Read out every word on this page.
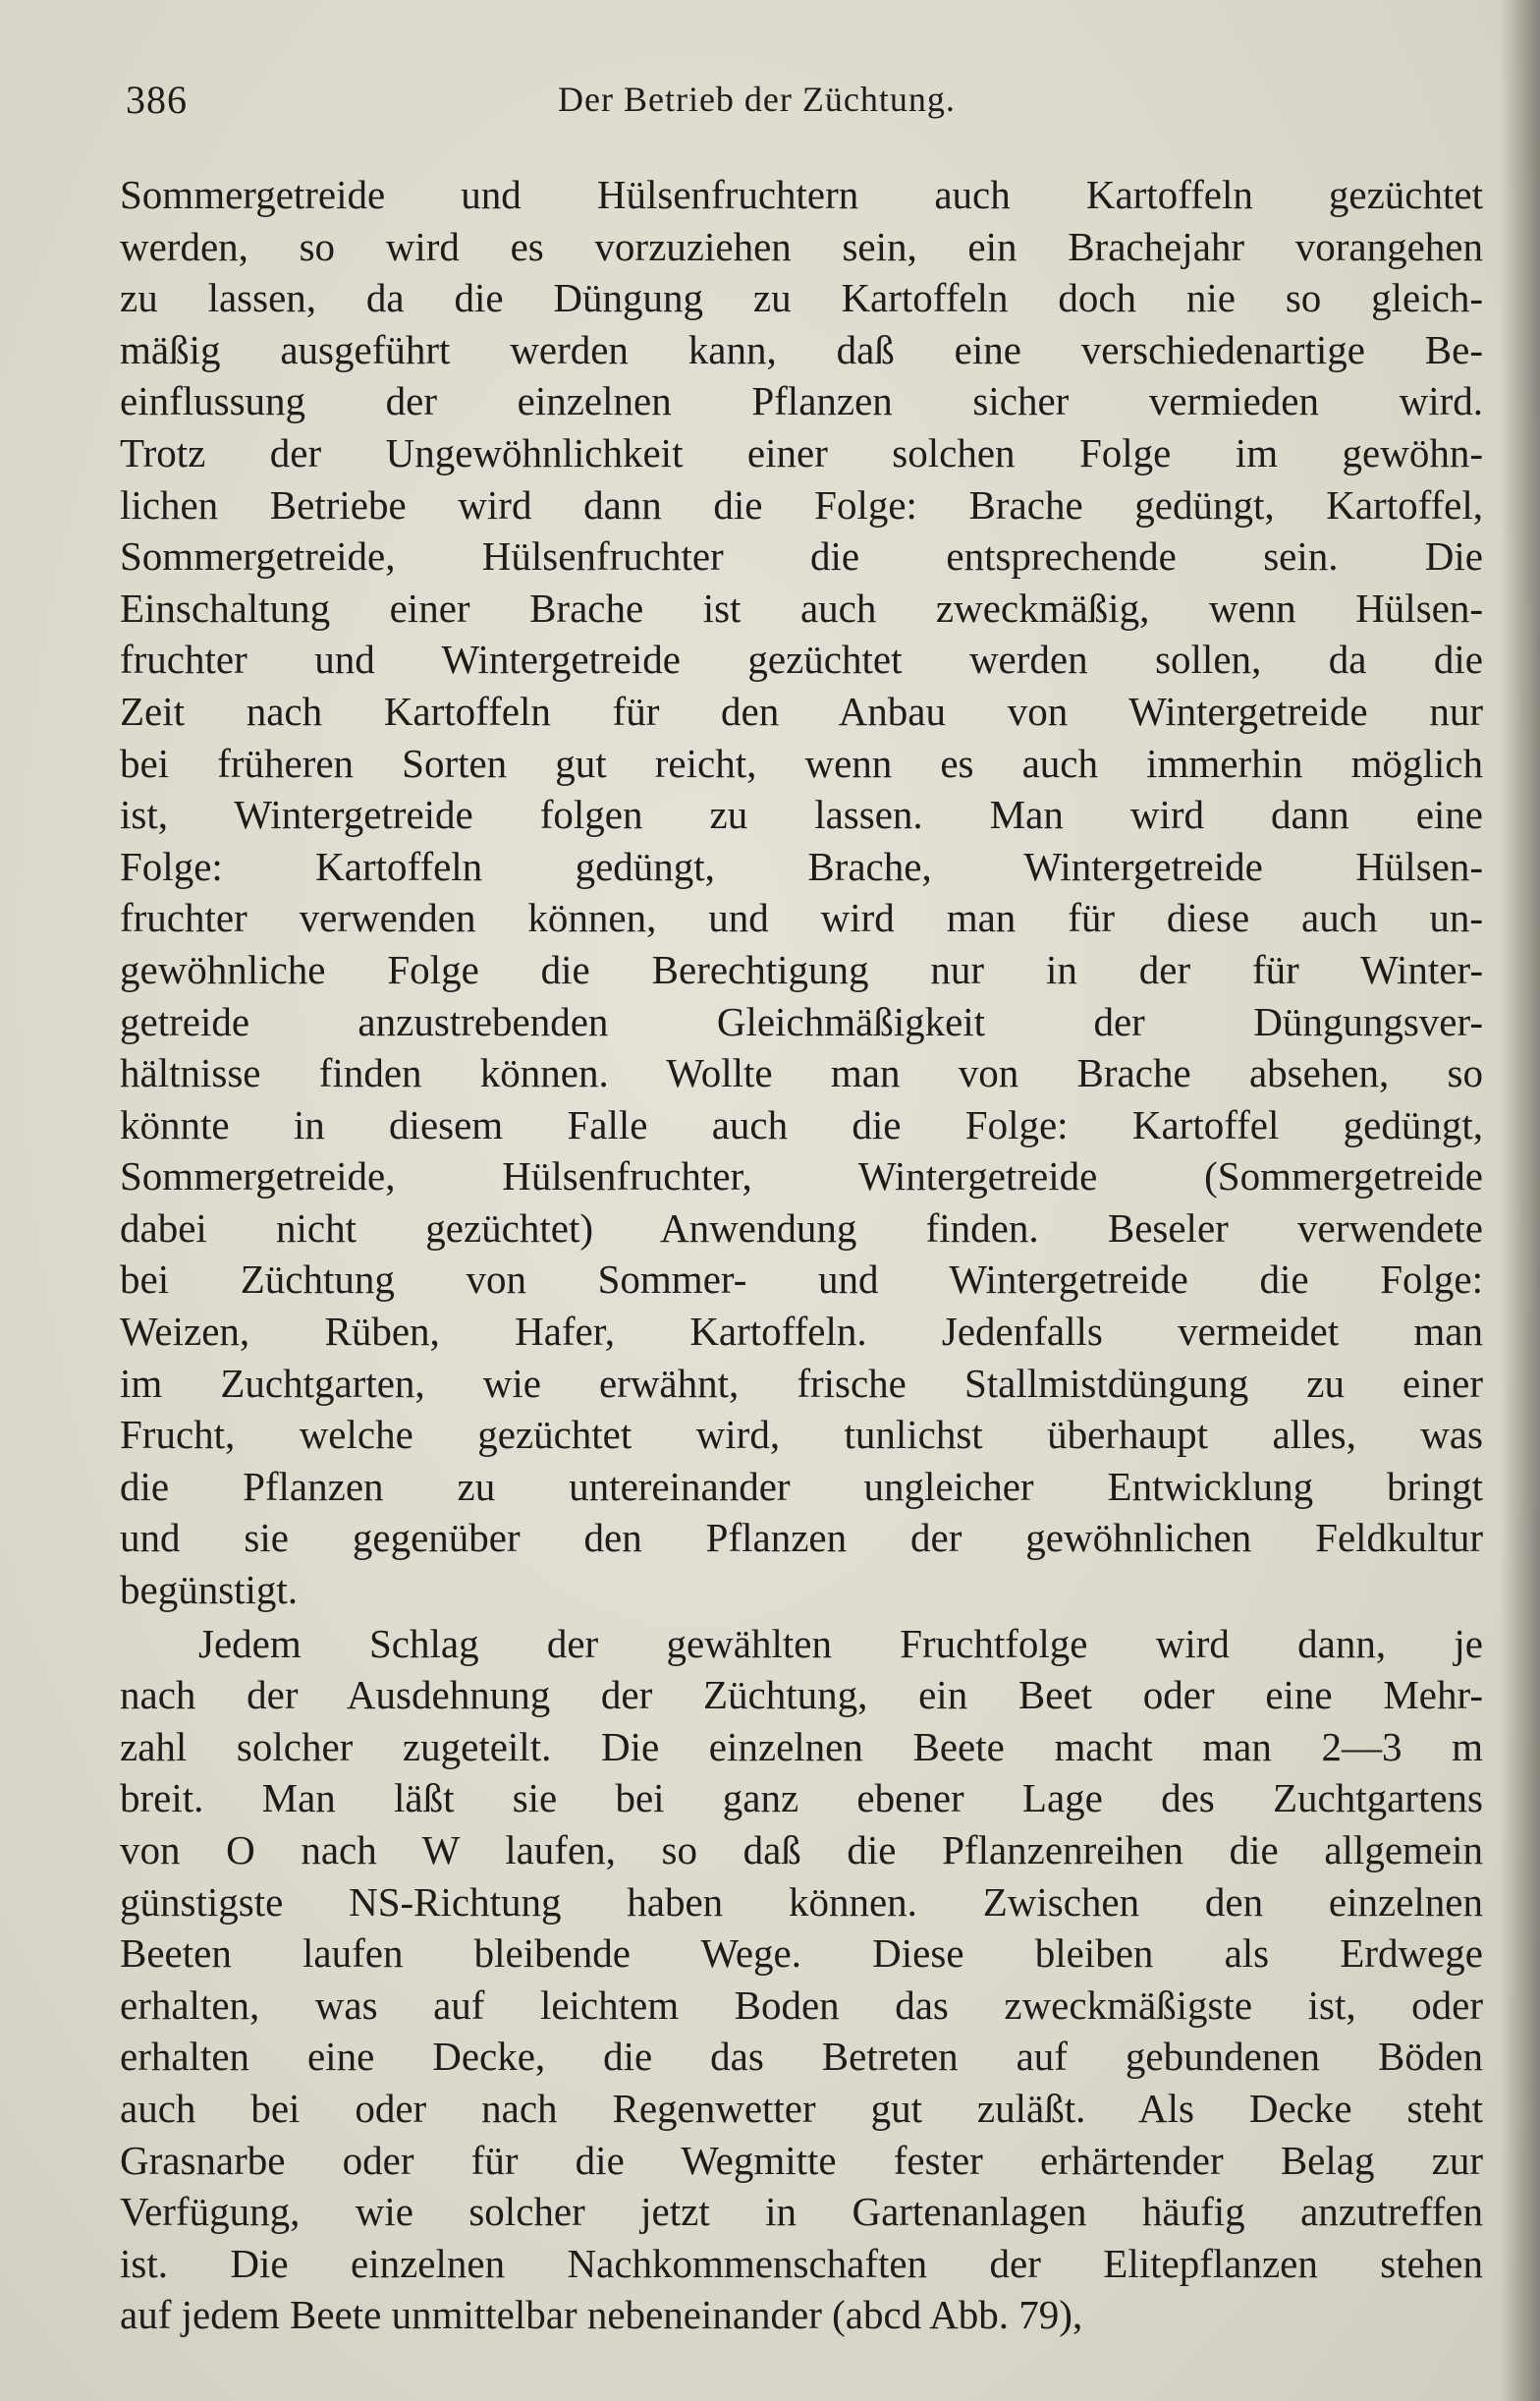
386	Der Betrieb der Züchtung.
Sommergetreide und Hülsenfruchtern auch Kartoffeln gezüchtet
werden, so wird es vorzuziehen sein, ein Brachejahr vorangehen
zu lassen, da die Düngung zu Kartoffeln doch nie so gleich-
mäßig ausgeführt werden kann, daß eine verschiedenartige Be-
einflussung der einzelnen Pflanzen sicher vermieden wird.
Trotz der Ungewöhnlichkeit einer solchen Folge im gewöhn-
lichen Betriebe wird dann die Folge: Brache gedüngt, Kartoffel,
Sommergetreide, Hülsenfruchter die entsprechende sein. Die
Einschaltung einer Brache ist auch zweckmäßig, wenn Hülsen-
fruchter und Wintergetreide gezüchtet werden sollen, da die
Zeit nach Kartoffeln für den Anbau von Wintergetreide nur
bei früheren Sorten gut reicht, wenn es auch immerhin möglich
ist, Wintergetreide folgen zu lassen. Man wird dann eine
Folge: Kartoffeln gedüngt, Brache, Wintergetreide Hülsen-
fruchter verwenden können, und wird man für diese auch un-
gewöhnliche Folge die Berechtigung nur in der für Winter-
getreide anzustrebenden Gleichmäßigkeit der Düngungsver-
hältnisse finden können. Wollte man von Brache absehen, so
könnte in diesem Falle auch die Folge: Kartoffel gedüngt,
Sommergetreide, Hülsenfruchter, Wintergetreide (Sommergetreide
dabei nicht gezüchtet) Anwendung finden. Beseler verwendete
bei Züchtung von Sommer- und Wintergetreide die Folge:
Weizen, Rüben, Hafer, Kartoffeln. Jedenfalls vermeidet man
im Zuchtgarten, wie erwähnt, frische Stallmistdüngung zu einer
Frucht, welche gezüchtet wird, tunlichst überhaupt alles, was
die Pflanzen zu untereinander ungleicher Entwicklung bringt
und sie gegenüber den Pflanzen der gewöhnlichen Feldkultur
begünstigt.
Jedem Schlag der gewählten Fruchtfolge wird dann, je
nach der Ausdehnung der Züchtung, ein Beet oder eine Mehr-
zahl solcher zugeteilt. Die einzelnen Beete macht man 2—3 m
breit. Man läßt sie bei ganz ebener Lage des Zuchtgartens
von O nach W laufen, so daß die Pflanzenreihen die allgemein
günstigste NS-Richtung haben können. Zwischen den einzelnen
Beeten laufen bleibende Wege. Diese bleiben als Erdwege
erhalten, was auf leichtem Boden das zweckmäßigste ist, oder
erhalten eine Decke, die das Betreten auf gebundenen Böden
auch bei oder nach Regenwetter gut zuläßt. Als Decke steht
Grasnarbe oder für die Wegmitte fester erhärtender Belag zur
Verfügung, wie solcher jetzt in Gartenanlagen häufig anzutreffen
ist. Die einzelnen Nachkommenschaften der Elitepflanzen stehen
auf jedem Beete unmittelbar nebeneinander (abcd Abb. 79),
